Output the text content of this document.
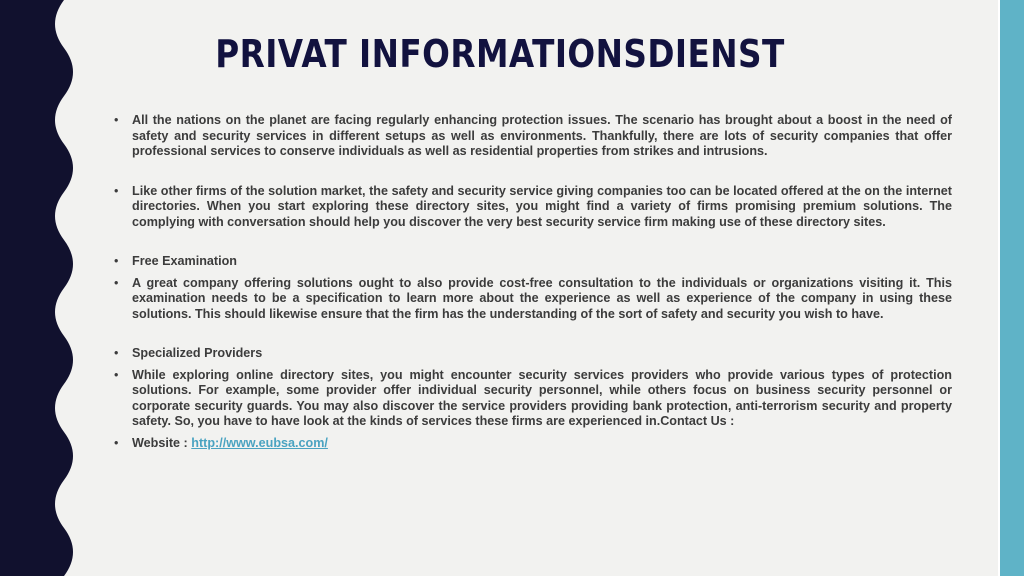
PRIVAT INFORMATIONSDIENST
• All the nations on the planet are facing regularly enhancing protection issues. The scenario has brought about a boost in the need of safety and security services in different setups as well as environments. Thankfully, there are lots of security companies that offer professional services to conserve individuals as well as residential properties from strikes and intrusions.
• Like other firms of the solution market, the safety and security service giving companies too can be located offered at the on the internet directories. When you start exploring these directory sites, you might find a variety of firms promising premium solutions. The complying with conversation should help you discover the very best security service firm making use of these directory sites.
• Free Examination
• A great company offering solutions ought to also provide cost-free consultation to the individuals or organizations visiting it. This examination needs to be a specification to learn more about the experience as well as experience of the company in using these solutions. This should likewise ensure that the firm has the understanding of the sort of safety and security you wish to have.
• Specialized Providers
• While exploring online directory sites, you might encounter security services providers who provide various types of protection solutions. For example, some provider offer individual security personnel, while others focus on business security personnel or corporate security guards. You may also discover the service providers providing bank protection, anti-terrorism security and property safety. So, you have to have look at the kinds of services these firms are experienced in.Contact Us :
• Website : http://www.eubsa.com/
